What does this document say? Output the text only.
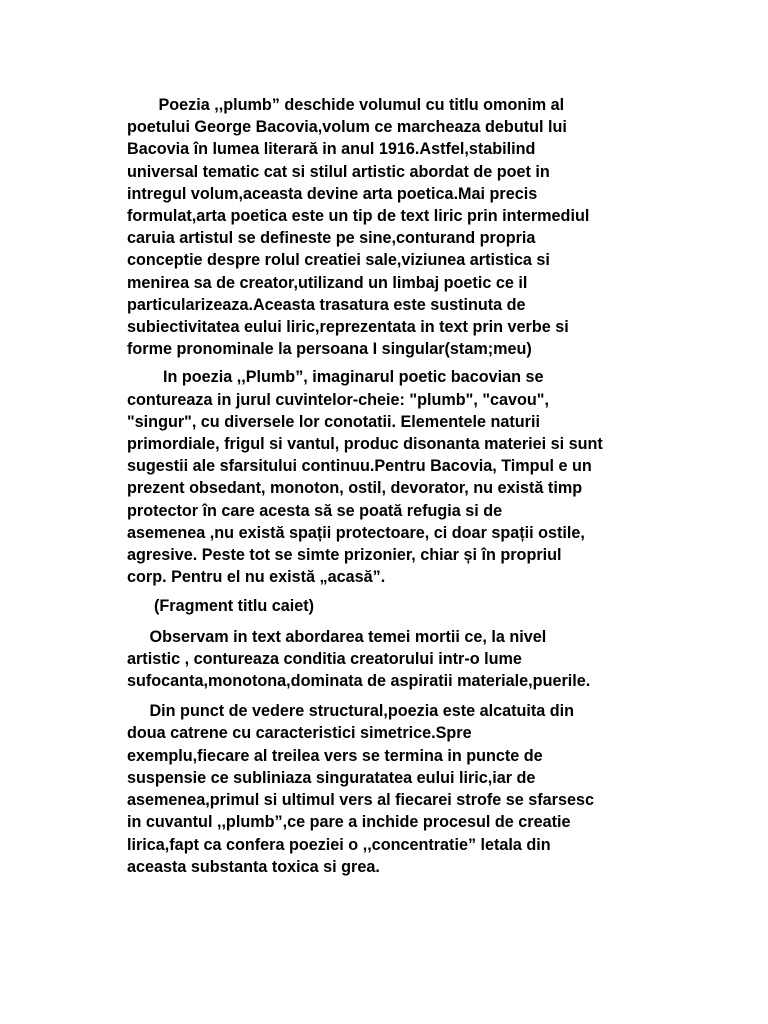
Poezia ,,plumb” deschide volumul cu titlu omonim al
poetului George Bacovia,volum ce marcheaza debutul lui
Bacovia în lumea literară in anul 1916.Astfel,stabilind
universal tematic cat si stilul artistic abordat de poet in
intregul volum,aceasta devine arta poetica.Mai precis
formulat,arta poetica este un tip de text liric prin intermediul
caruia artistul se defineste pe sine,conturand propria
conceptie despre rolul creatiei sale,viziunea artistica si
menirea sa de creator,utilizand un limbaj poetic ce il
particularizeaza.Aceasta trasatura este sustinuta de
subiectivitatea eului liric,reprezentata in text prin verbe si
forme pronominale la persoana I singular(stam;meu)
In poezia ,,Plumb”, imaginarul poetic bacovian se
contureaza in jurul cuvintelor-cheie: "plumb", "cavou",
"singur", cu diversele lor conotatii. Elementele naturii
primordiale, frigul si vantul, produc disonanta materiei si sunt
sugestii ale sfarsitului continuu.Pentru Bacovia, Timpul e un
prezent obsedant, monoton, ostil, devorator, nu există timp
protector în care acesta să se poată refugia si de
asemenea ,nu există spații protectoare, ci doar spații ostile,
agresive. Peste tot se simte prizonier, chiar și în propriul
corp. Pentru el nu există „acasă”.
(Fragment titlu caiet)
Observam in text abordarea temei mortii ce, la nivel
artistic , contureaza conditia creatorului intr-o lume
sufocanta,monotona,dominata de aspiratii materiale,puerile.
Din punct de vedere structural,poezia este alcatuita din
doua catrene cu caracteristici simetrice.Spre
exemplu,fiecare al treilea vers se termina in puncte de
suspensie ce subliniaza singuratatea eului liric,iar de
asemenea,primul si ultimul vers al fiecarei strofe se sfarsesc
in cuvantul ,,plumb”,ce pare a inchide procesul de creatie
lirica,fapt ca confera poeziei o ,,concentratie” letala din
aceasta substanta toxica si grea.
